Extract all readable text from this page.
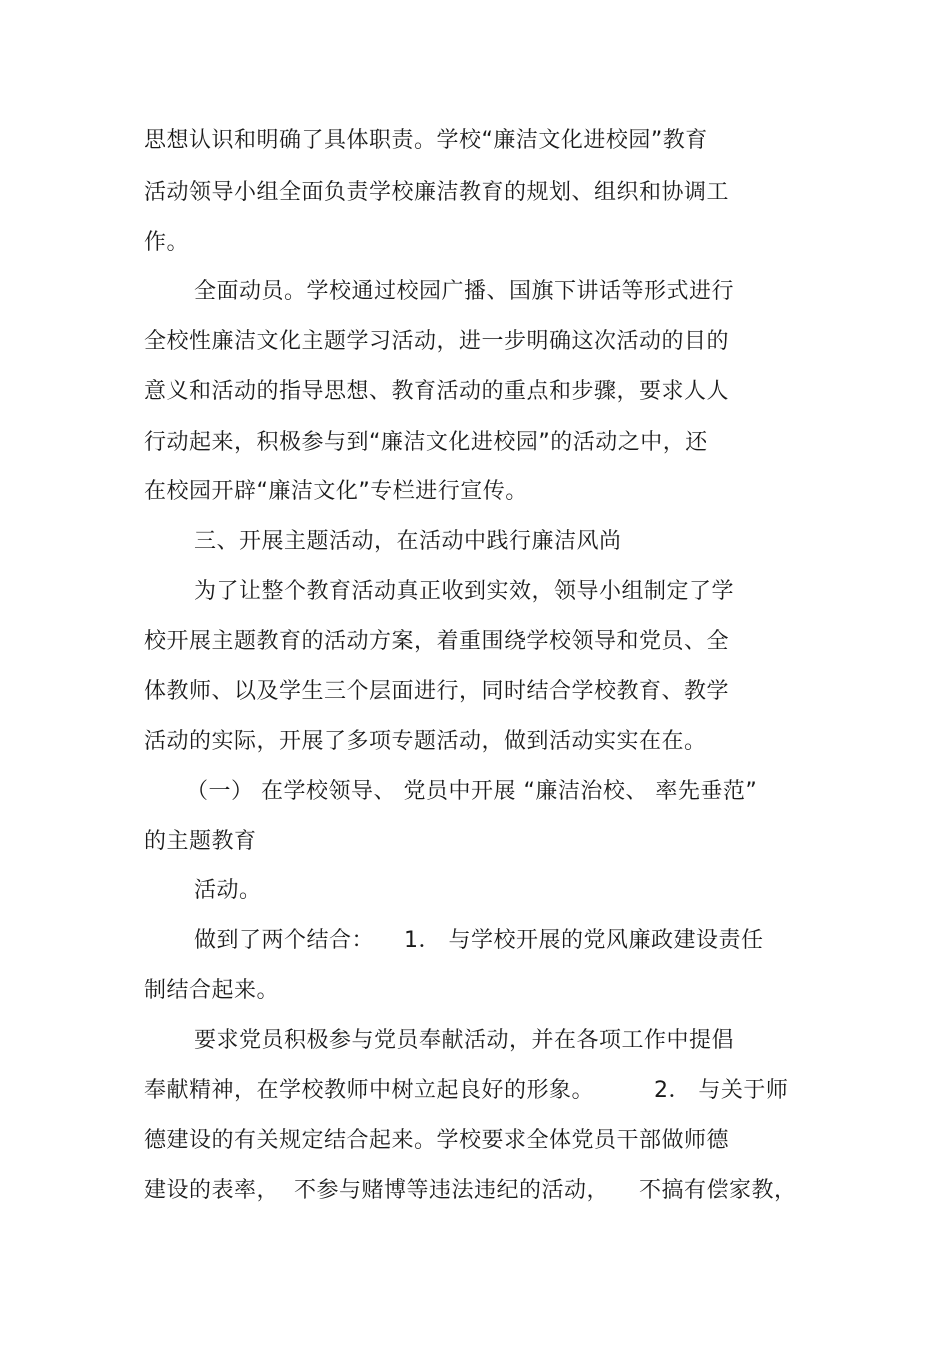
思想认识和明确了具体职责。学校“廉洁文化进校园”教育

活动领导小组全面负责学校廉洁教育的规划、组织和协调工

作。

全面动员。学校通过校园广播、国旗下讲话等形式进行

全校性廉洁文化主题学习活动，进一步明确这次活动的目的

意义和活动的指导思想、教育活动的重点和步骤，要求人人

行动起来，积极参与到“廉洁文化进校园”的活动之中，还

在校园开辟“廉洁文化”专栏进行宣传。

三、开展主题活动，在活动中践行廉洁风尚

为了让整个教育活动真正收到实效，领导小组制定了学

校开展主题教育的活动方案，着重围绕学校领导和党员、全

体教师、以及学生三个层面进行，同时结合学校教育、教学

活动的实际，开展了多项专题活动，做到活动实实在在。

（一） 在学校领导、 党员中开展 “廉洁治校、 率先垂范”

的主题教育

活动。

做到了两个结合：    1． 与学校开展的党风廉政建设责任

制结合起来。

要求党员积极参与党员奉献活动，并在各项工作中提倡

奉献精神，在学校教师中树立起良好的形象。        2． 与关于师

德建设的有关规定结合起来。学校要求全体党员干部做师德

建设的表率，  不参与赌博等违法违纪的活动，    不搞有偿家教，
